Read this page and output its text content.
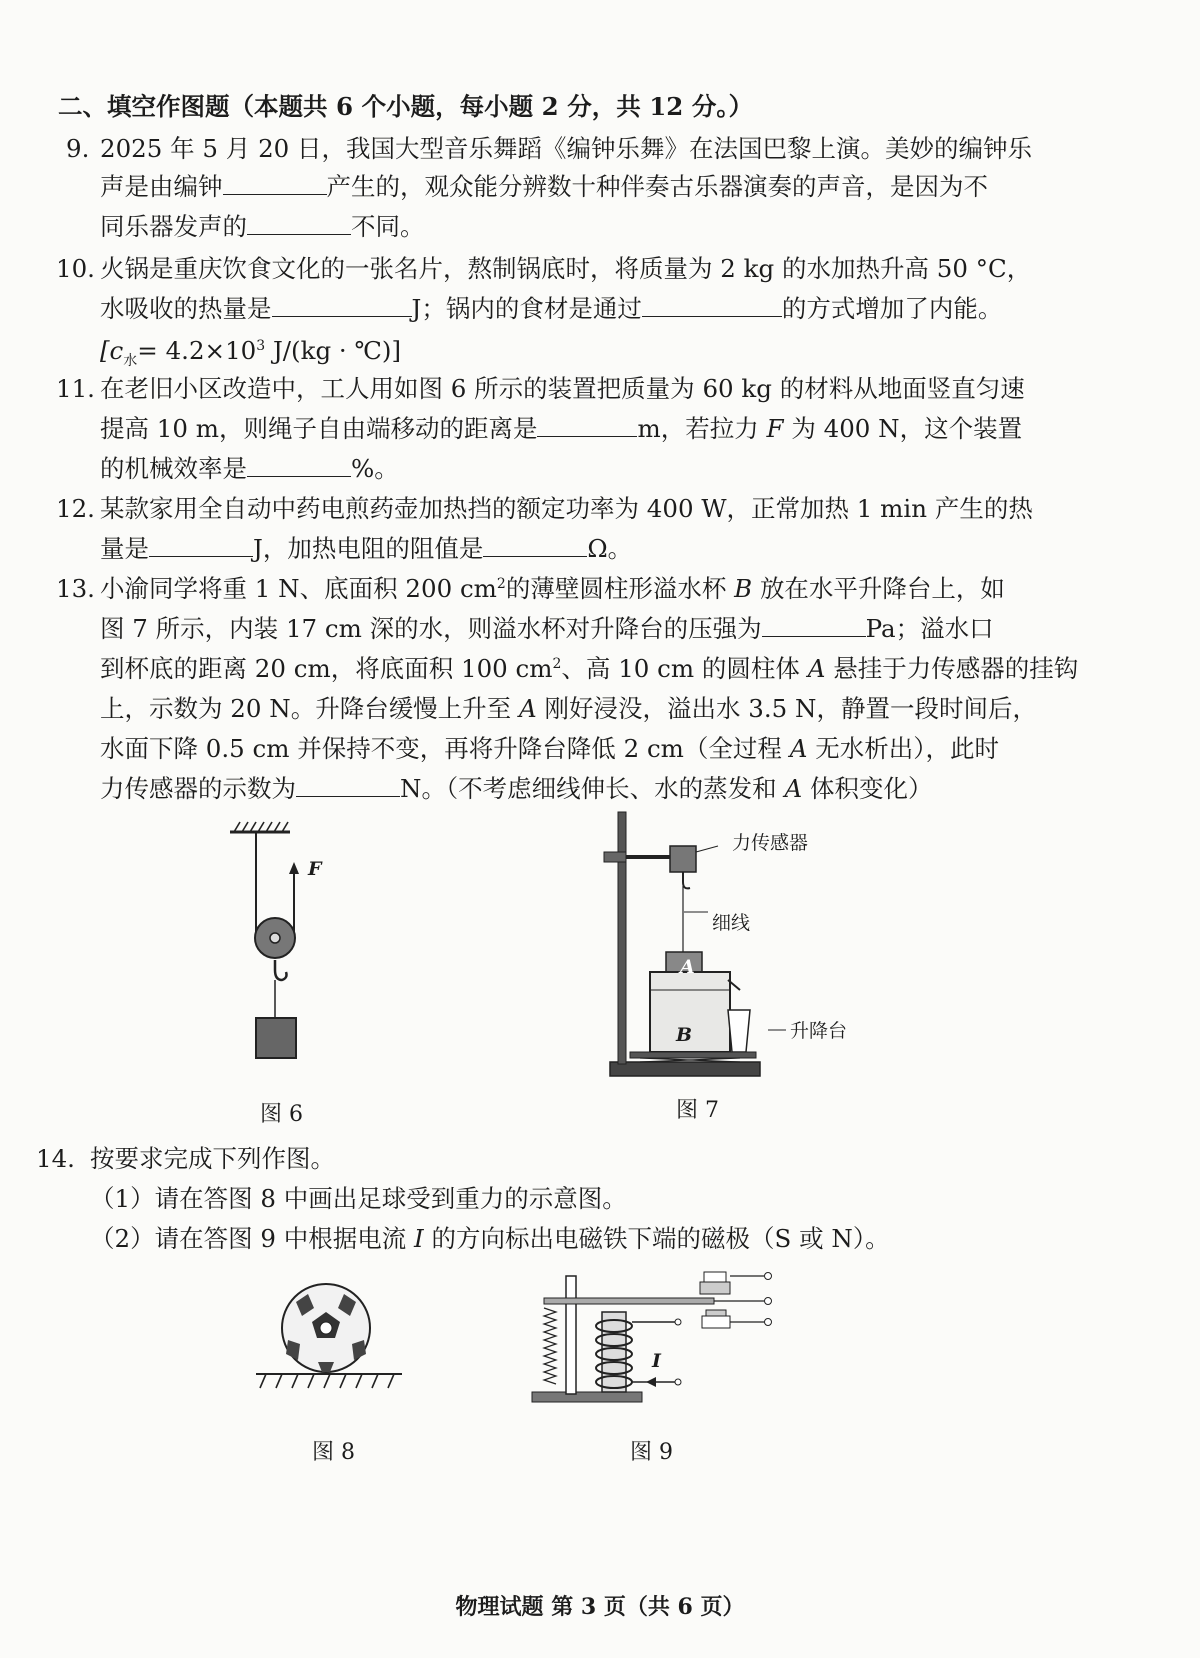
二、填空作图题（本题共 6 个小题，每小题 2 分，共 12 分。）
9. 2025 年 5 月 20 日，我国大型音乐舞蹈《编钟乐舞》在法国巴黎上演。美妙的编钟乐
声是由编钟	产生的，观众能分辨数十种伴奏古乐器演奏的声音，是因为不
同乐器发声的	不同。
10. 火锅是重庆饮食文化的一张名片，熬制锅底时，将质量为 2 kg 的水加热升高 50 °C，
水吸收的热量是	J；锅内的食材是通过	的方式增加了内能。
[$c_水= 4.2\times 10^3$ J/(kg · ℃)]
11. 在老旧小区改造中，工人用如图 6 所示的装置把质量为 60 kg 的材料从地面竖直匀速
提高 10 m，则绳子自由端移动的距离是	m，若拉力 F 为 400 N，这个装置
的机械效率是	%。
12. 某款家用全自动中药电煎药壶加热挡的额定功率为 400 W，正常加热 1 min 产生的热
量是	J，加热电阻的阻值是	Ω。
13. 小渝同学将重 1 N、底面积 200 $cm^2$的薄壁圆柱形溢水杯 B 放在水平升降台上，如
图 7 所示，内装 17 cm 深的水，则溢水杯对升降台的压强为	Pa；溢水口
到杯底的距离 20 cm，将底面积 100 $cm^2$、高 10 cm 的圆柱体 A 悬挂于力传感器的挂钩
上，示数为 20 N。升降台缓慢上升至 A 刚好浸没，溢出水 3.5 N，静置一段时间后，
水面下降 0.5 cm 并保持不变，再将升降台降低 2 cm（全过程 A 无水析出），此时
力传感器的示数为	N。（不考虑细线伸长、水的蒸发和 A 体积变化）
F
图 6
力传感器
细线
A
B	升降台
图 7
14. 按要求完成下列作图。
（1）请在答图 8 中画出足球受到重力的示意图。
（2）请在答图 9 中根据电流 I 的方向标出电磁铁下端的磁极（S 或 N）。
图 8
I
图 9
物理试题 第 3 页（共 6 页）
